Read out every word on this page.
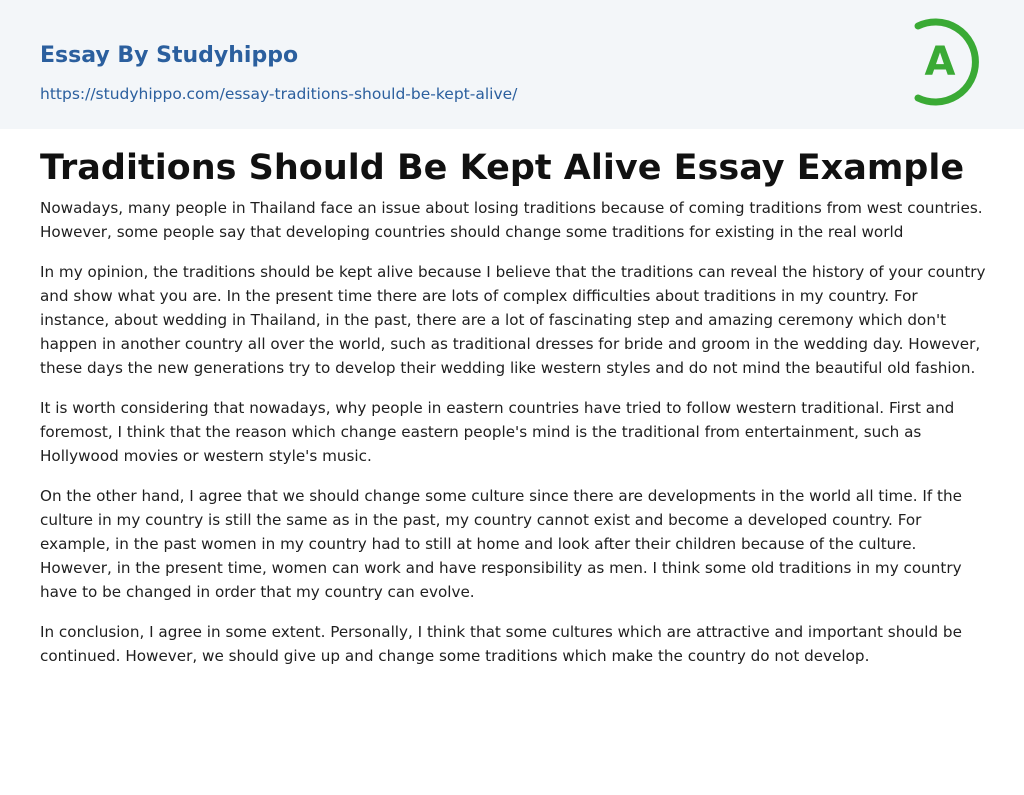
Essay By Studyhippo
https://studyhippo.com/essay-traditions-should-be-kept-alive/
A
Traditions Should Be Kept Alive Essay Example

Nowadays, many people in Thailand face an issue about losing traditions because of coming traditions from west countries. However, some people say that developing countries should change some traditions for existing in the real world

In my opinion, the traditions should be kept alive because I believe that the traditions can reveal the history of your country and show what you are. In the present time there are lots of complex difficulties about traditions in my country. For instance, about wedding in Thailand, in the past, there are a lot of fascinating step and amazing ceremony which don't happen in another country all over the world, such as traditional dresses for bride and groom in the wedding day. However, these days the new generations try to develop their wedding like western styles and do not mind the beautiful old fashion.

It is worth considering that nowadays, why people in eastern countries have tried to follow western traditional. First and foremost, I think that the reason which change eastern people's mind is the traditional from entertainment, such as Hollywood movies or western style's music.

On the other hand, I agree that we should change some culture since there are developments in the world all time. If the culture in my country is still the same as in the past, my country cannot exist and become a developed country. For example, in the past women in my country had to still at home and look after their children because of the culture. However, in the present time, women can work and have responsibility as men. I think some old traditions in my country have to be changed in order that my country can evolve.

In conclusion, I agree in some extent. Personally, I think that some cultures which are attractive and important should be continued. However, we should give up and change some traditions which make the country do not develop.
